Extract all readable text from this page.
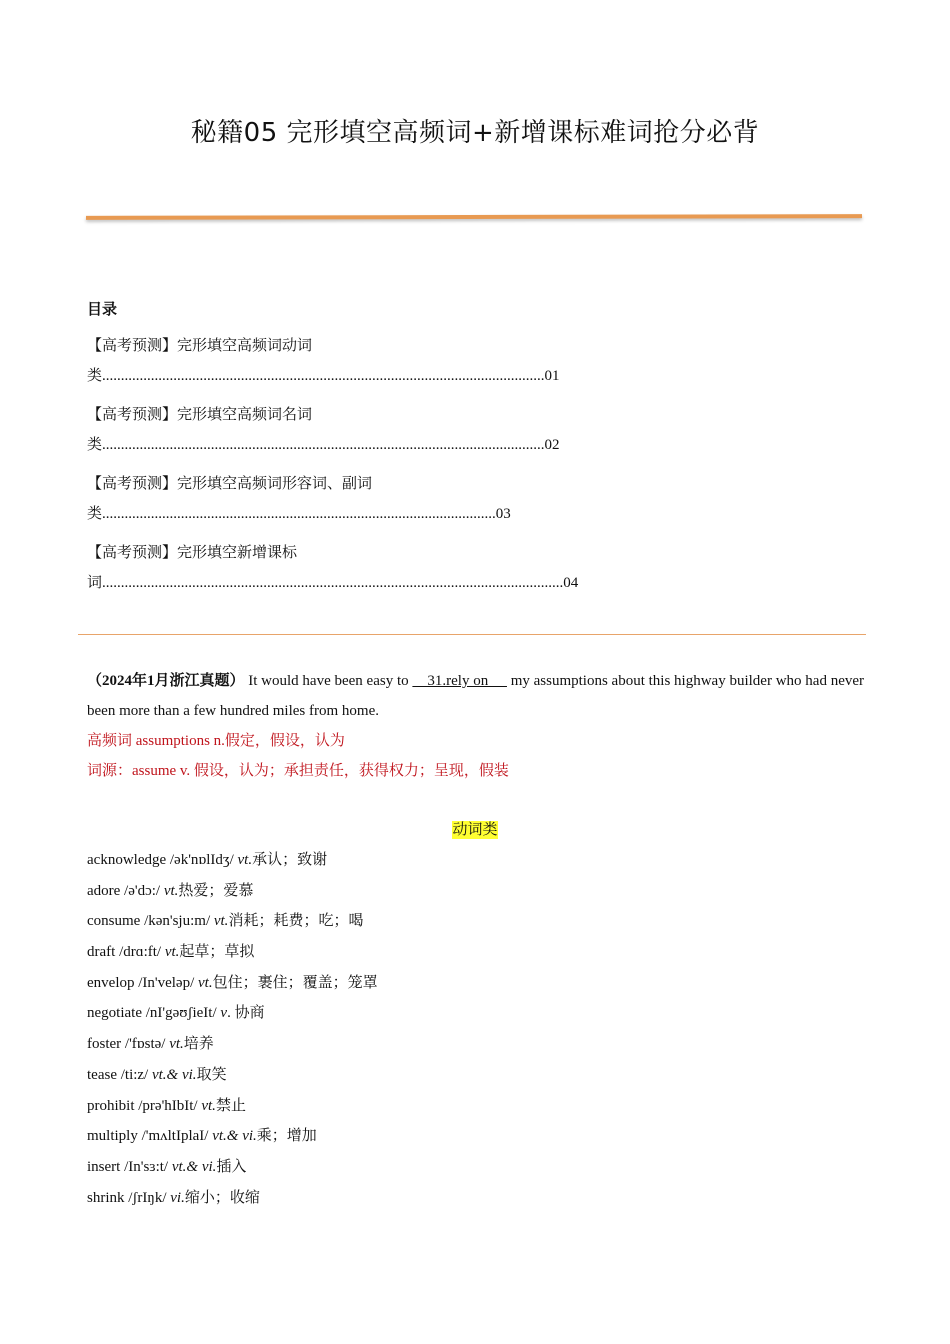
秘籍05 完形填空高频词+新增课标难词抢分必背
目录
【高考预测】完形填空高频词动词
类......................................................................................................................01
【高考预测】完形填空高频词名词
类......................................................................................................................02
【高考预测】完形填空高频词形容词、副词
类.........................................................................................................03
【高考预测】完形填空新增课标
词...........................................................................................................................04
（2024年1月浙江真题） It would have been easy to     31.rely on      my assumptions about this highway builder who had never been more than a few hundred miles from home.
高频词 assumptions n.假定，假设，认为
词源：assume v. 假设，认为；承担责任，获得权力；呈现，假装
动词类
acknowledge /ək'nɒlIdʒ/ vt.承认；致谢
adore /ə'dɔ:/ vt.热爱；爱慕
consume /kən'sju:m/ vt.消耗；耗费；吃；喝
draft /drɑ:ft/ vt.起草；草拟
envelop /In'veləp/ vt.包住；裹住；覆盖；笼罩
negotiate /nI'gəʊʃieIt/ v. 协商
foster /'fɒstə/ vt.培养
tease /ti:z/ vt.& vi.取笑
prohibit /prə'hIbIt/ vt.禁止
multiply /'mʌltIplaI/ vt.& vi.乘；增加
insert /In'sɜ:t/ vt.& vi.插入
shrink /ʃrIŋk/ vi.缩小；收缩
